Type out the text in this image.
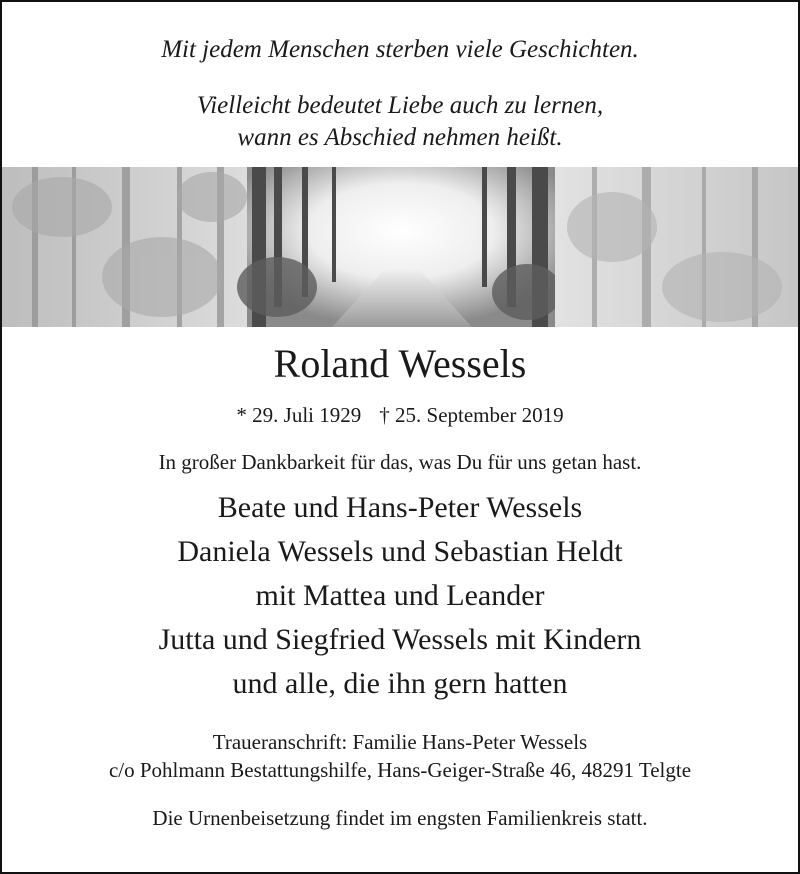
Mit jedem Menschen sterben viele Geschichten.

Vielleicht bedeutet Liebe auch zu lernen,

wann es Abschied nehmen heißt.

Roland Wessels
* 29. Juli 1929 † 25. September 2019
In großer Dankbarkeit für das, was Du für uns getan hast.
Beate und Hans-Peter Wessels
Daniela Wessels und Sebastian Heldt
mit Mattea und Leander
Jutta und Siegfried Wessels mit Kindern
und alle, die ihn gern hatten
Traueranschrift: Familie Hans-Peter Wessels
c/o Pohlmann Bestattungshilfe, Hans-Geiger-Straße 46, 48291 Telgte
Die Urnenbeisetzung findet im engsten Familienkreis statt.
